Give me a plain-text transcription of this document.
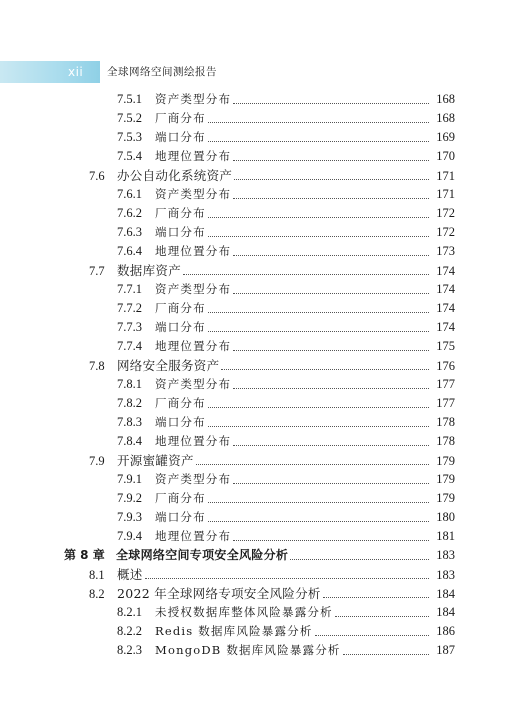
xii 全球网络空间测绘报告
7.5.1	资产类型分布	168
7.5.2	厂商分布	168
7.5.3	端口分布	169
7.5.4	地理位置分布	170
7.6 办公自动化系统资产	171
7.6.1	资产类型分布	171
7.6.2	厂商分布	172
7.6.3	端口分布	172
7.6.4	地理位置分布	173
7.7 数据库资产	174
7.7.1	资产类型分布	174
7.7.2	厂商分布	174
7.7.3	端口分布	174
7.7.4	地理位置分布	175
7.8 网络安全服务资产	176
7.8.1	资产类型分布	177
7.8.2	厂商分布	177
7.8.3	端口分布	178
7.8.4	地理位置分布	178
7.9 开源蜜罐资产	179
7.9.1	资产类型分布	179
7.9.2	厂商分布	179
7.9.3	端口分布	180
7.9.4	地理位置分布	181
第 8 章 全球网络空间专项安全风险分析	183
8.1 概述	183
8.2 2022 年全球网络专项安全风险分析	184
8.2.1	未授权数据库整体风险暴露分析	184
8.2.2	Redis 数据库风险暴露分析	186
8.2.3	MongoDB 数据库风险暴露分析	187
